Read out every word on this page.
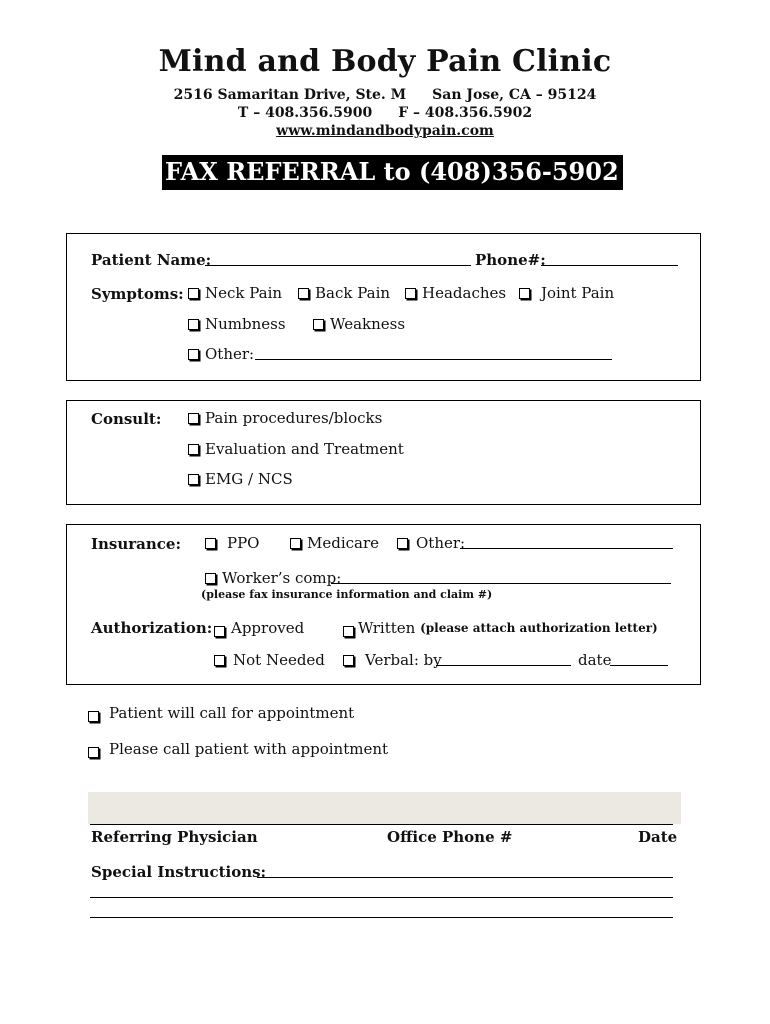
Mind and Body Pain Clinic
2516 Samaritan Drive, Ste. M San Jose, CA – 95124
T – 408.356.5900 F – 408.356.5902
www.mindandbodypain.com
FAX REFERRAL to (408)356-5902
Patient Name:	Phone#:
Symptoms: Neck Pain Back Pain Headaches Joint Pain
Numbness	Weakness
Other:
Consult:	Pain procedures/blocks
Evaluation and Treatment
EMG / NCS
Insurance:	PPO	Medicare Other:
Worker’s comp:
(please fax insurance information and claim #)
Authorization: Approved	Written
(please attach authorization letter)
Not Needed	Verbal: by	date
Patient will call for appointment
Please call patient with appointment
Referring Physician	Office Phone #	Date
Special Instructions:
